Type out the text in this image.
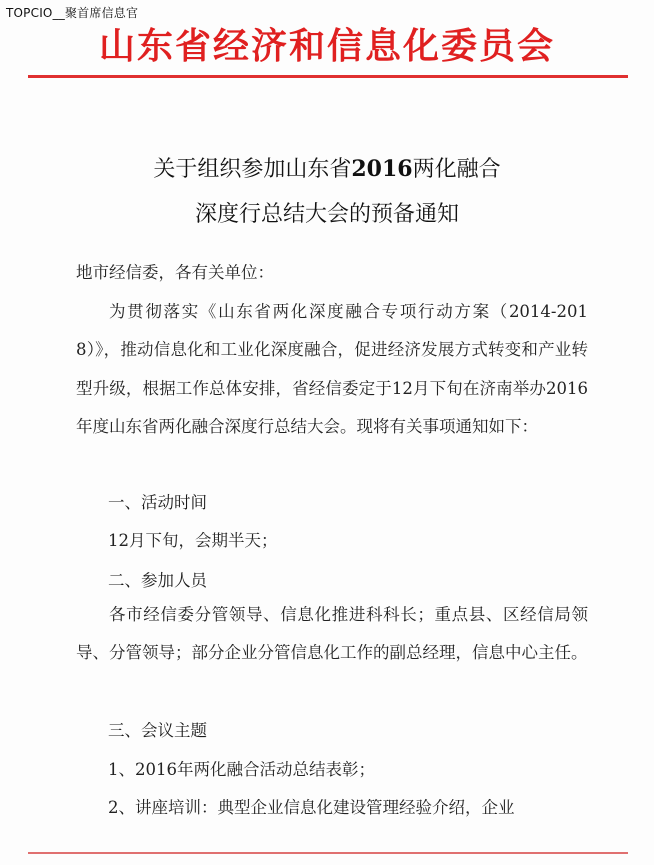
TOPCIO__聚首席信息官
山东省经济和信息化委员会
关于组织参加山东省2016两化融合
深度行总结大会的预备通知
地市经信委，各有关单位：
为贯彻落实《山东省两化深度融合专项行动方案（2014-2018）》，推动信息化和工业化深度融合，促进经济发展方式转变和产业转型升级，根据工作总体安排，省经信委定于12月下旬在济南举办2016年度山东省两化融合深度行总结大会。现将有关事项通知如下：
一、活动时间
12月下旬，会期半天；
二、参加人员
各市经信委分管领导、信息化推进科科长；重点县、区经信局领导、分管领导；部分企业分管信息化工作的副总经理，信息中心主任。
三、会议主题
1、2016年两化融合活动总结表彰；
2、讲座培训：典型企业信息化建设管理经验介绍，企业
